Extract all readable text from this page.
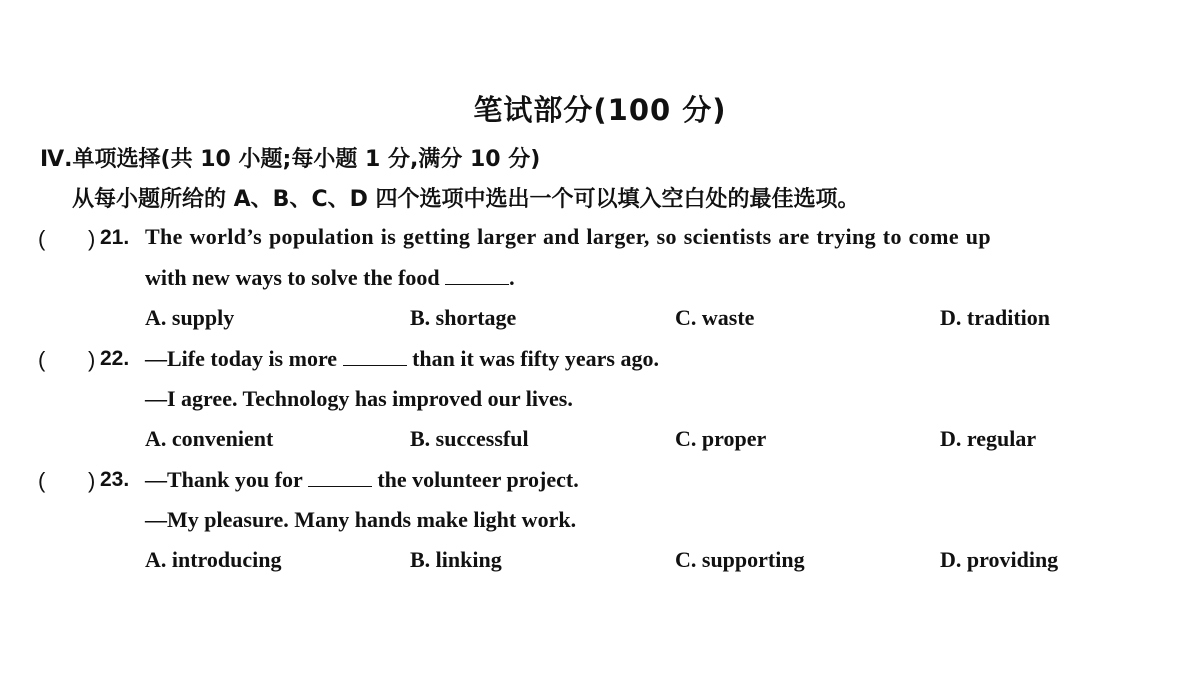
笔试部分(100 分)
Ⅳ.单项选择(共 10 小题;每小题 1 分,满分 10 分)
从每小题所给的 A、B、C、D 四个选项中选出一个可以填入空白处的最佳选项。
( ) 21. The world’s population is getting larger and larger, so scientists are trying to come up
with new ways to solve the food	.
A. supply	B. shortage	C. waste	D. tradition
( ) 22. —Life today is more	than it was fifty years ago.
—I agree. Technology has improved our lives.
A. convenient	B. successful	C. proper	D. regular
( ) 23. —Thank you for	the volunteer project.
—My pleasure. Many hands make light work.
A. introducing	B. linking	C. supporting	D. providing
